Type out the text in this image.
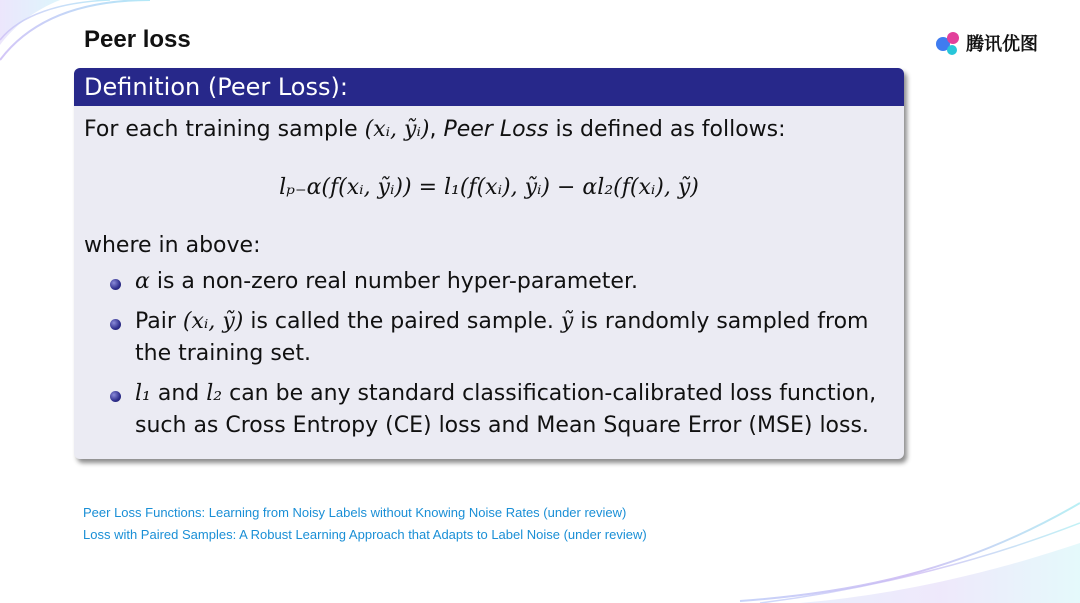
Peer loss	腾讯优图
Definition (Peer Loss):
For each training sample (xᵢ, ỹᵢ), Peer Loss is defined as follows:
lₚ₋α(f(xᵢ, ỹᵢ)) = l₁(f(xᵢ), ỹᵢ) − αl₂(f(xᵢ), ỹ)
where in above:
α is a non-zero real number hyper-parameter.
Pair (xᵢ, ỹ) is called the paired sample. ỹ is randomly sampled from the training set.
l₁ and l₂ can be any standard classification-calibrated loss function, such as Cross Entropy (CE) loss and Mean Square Error (MSE) loss.
Peer Loss Functions: Learning from Noisy Labels without Knowing Noise Rates (under review)
Loss with Paired Samples: A Robust Learning Approach that Adapts to Label Noise (under review)
